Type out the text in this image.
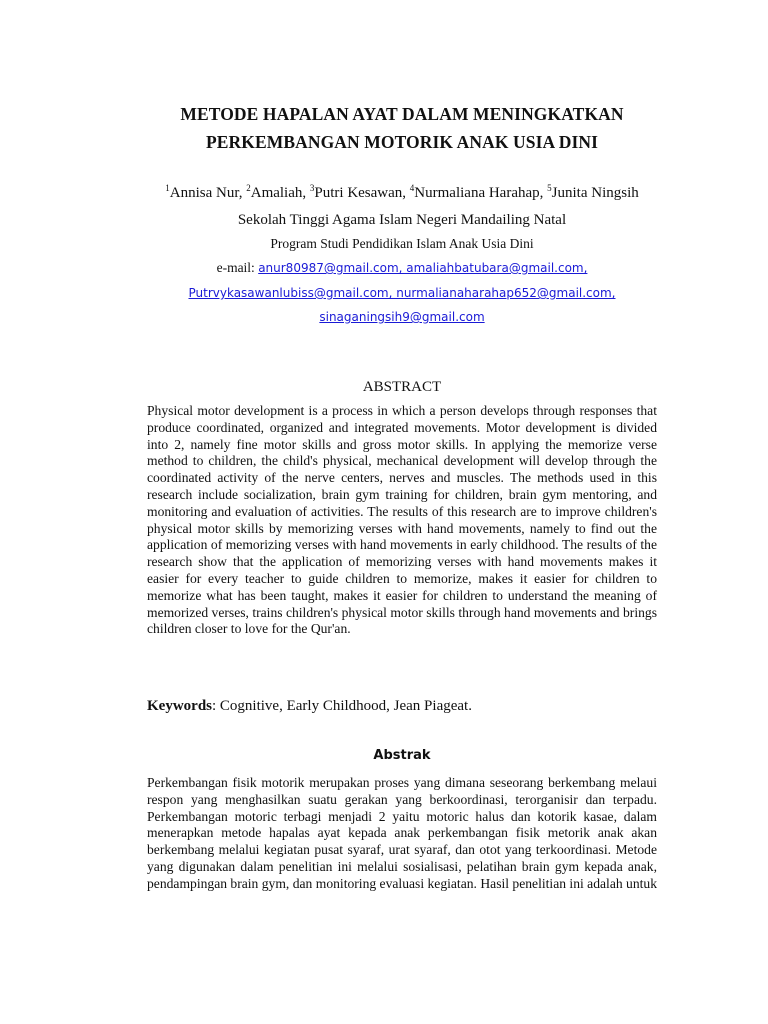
METODE HAPALAN AYAT DALAM MENINGKATKAN
PERKEMBANGAN MOTORIK ANAK USIA DINI
$^1$Annisa Nur, $^2$Amaliah, $^3$Putri Kesawan, $^4$Nurmaliana Harahap, $^5$Junita Ningsih
Sekolah Tinggi Agama Islam Negeri Mandailing Natal
Program Studi Pendidikan Islam Anak Usia Dini
e-mail: anur80987@gmail.com, amaliahbatubara@gmail.com,
Putrvykasawanlubiss@gmail.com, nurmalianaharahap652@gmail.com,
sinaganingsih9@gmail.com
ABSTRACT

Physical motor development is a process in which a person develops through responses that produce coordinated, organized and integrated movements. Motor development is divided into 2, namely fine motor skills and gross motor skills. In applying the memorize verse method to children, the child's physical, mechanical development will develop through the coordinated activity of the nerve centers, nerves and muscles. The methods used in this research include socialization, brain gym training for children, brain gym mentoring, and monitoring and evaluation of activities. The results of this research are to improve children's physical motor skills by memorizing verses with hand movements, namely to find out the application of memorizing verses with hand movements in early childhood. The results of the research show that the application of memorizing verses with hand movements makes it easier for every teacher to guide children to memorize, makes it easier for children to memorize what has been taught, makes it easier for children to understand the meaning of memorized verses, trains children's physical motor skills through hand movements and brings children closer to love for the Qur'an.

Keywords: Cognitive, Early Childhood, Jean Piageat.
Abstrak

Perkembangan fisik motorik merupakan proses yang dimana seseorang berkembang melaui respon yang menghasilkan suatu gerakan yang berkoordinasi, terorganisir dan terpadu. Perkembangan motoric terbagi menjadi 2 yaitu motoric halus dan kotorik kasae, dalam menerapkan metode hapalas ayat kepada anak perkembangan fisik metorik anak akan berkembang melalui kegiatan pusat syaraf, urat syaraf, dan otot yang terkoordinasi. Metode yang digunakan dalam penelitian ini melalui sosialisasi, pelatihan brain gym kepada anak, pendampingan brain gym, dan monitoring evaluasi kegiatan. Hasil penelitian ini adalah untuk
